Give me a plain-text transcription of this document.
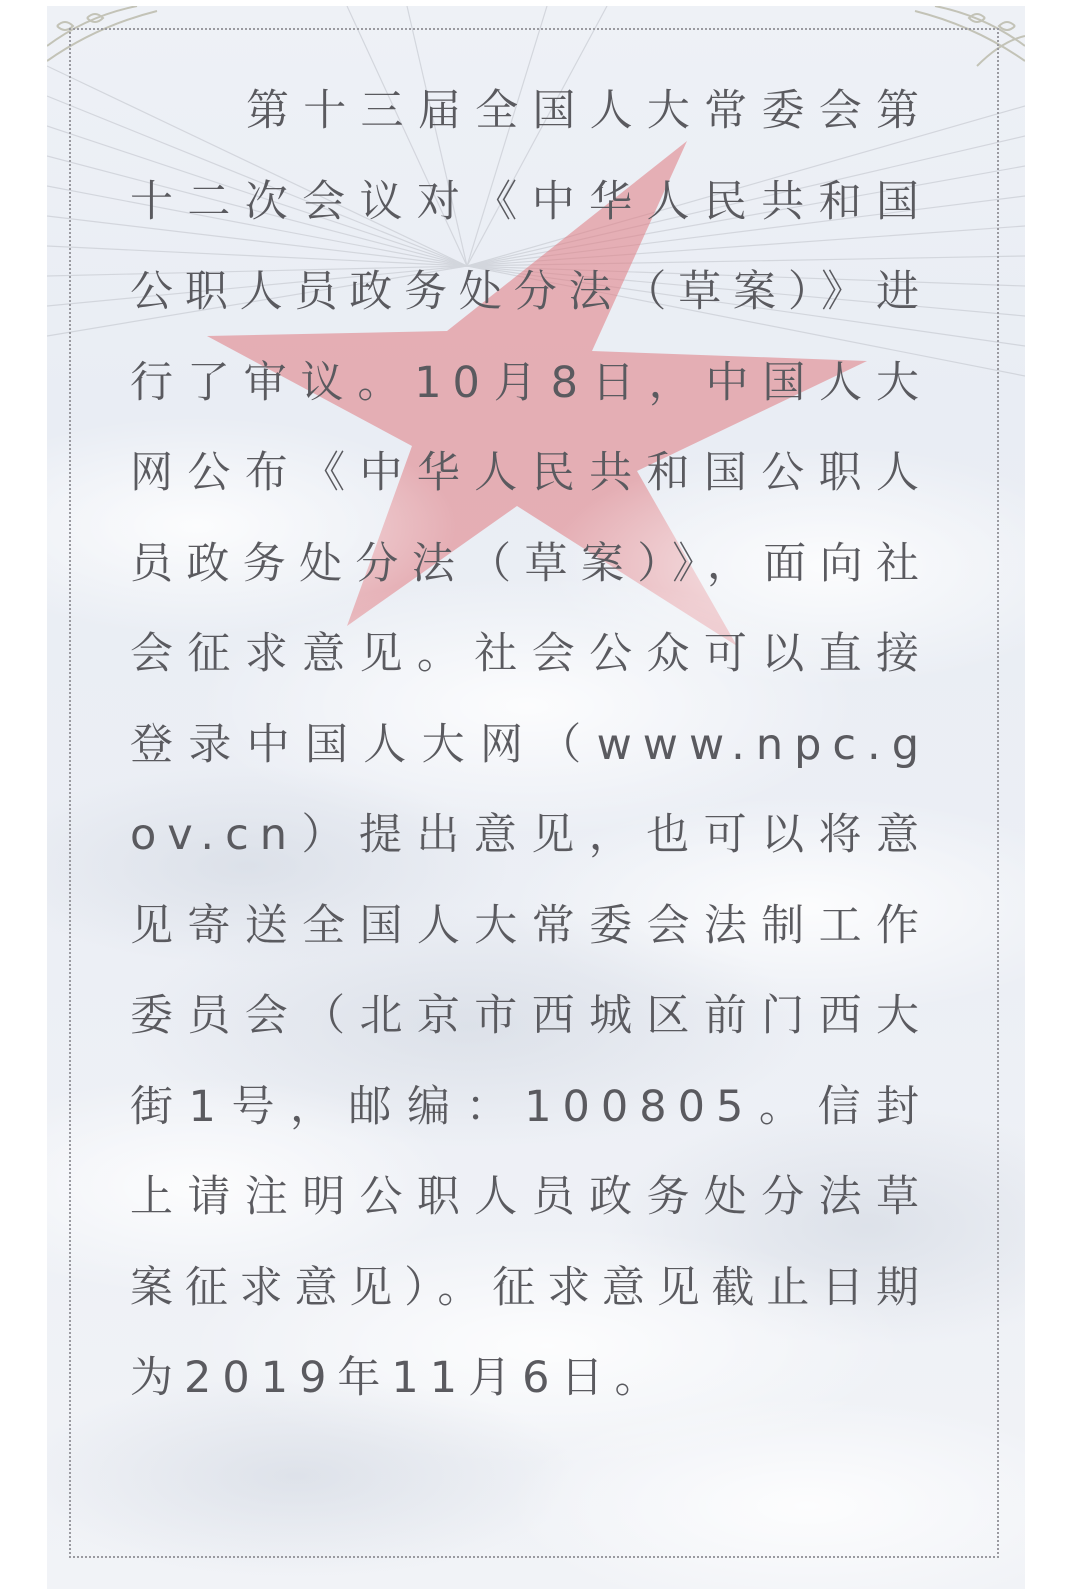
第十三届全国人大常委会第十二次会议对《中华人民共和国公职人员政务处分法（草案）》进行了审议。10月8日，中国人大网公布《中华人民共和国公职人员政务处分法（草案）》，面向社会征求意见。社会公众可以直接登录中国人大网（www.npc.gov.cn）提出意见，也可以将意见寄送全国人大常委会法制工作委员会（北京市西城区前门西大街1号，邮编：100805。信封上请注明公职人员政务处分法草案征求意见）。征求意见截止日期为2019年11月6日。
